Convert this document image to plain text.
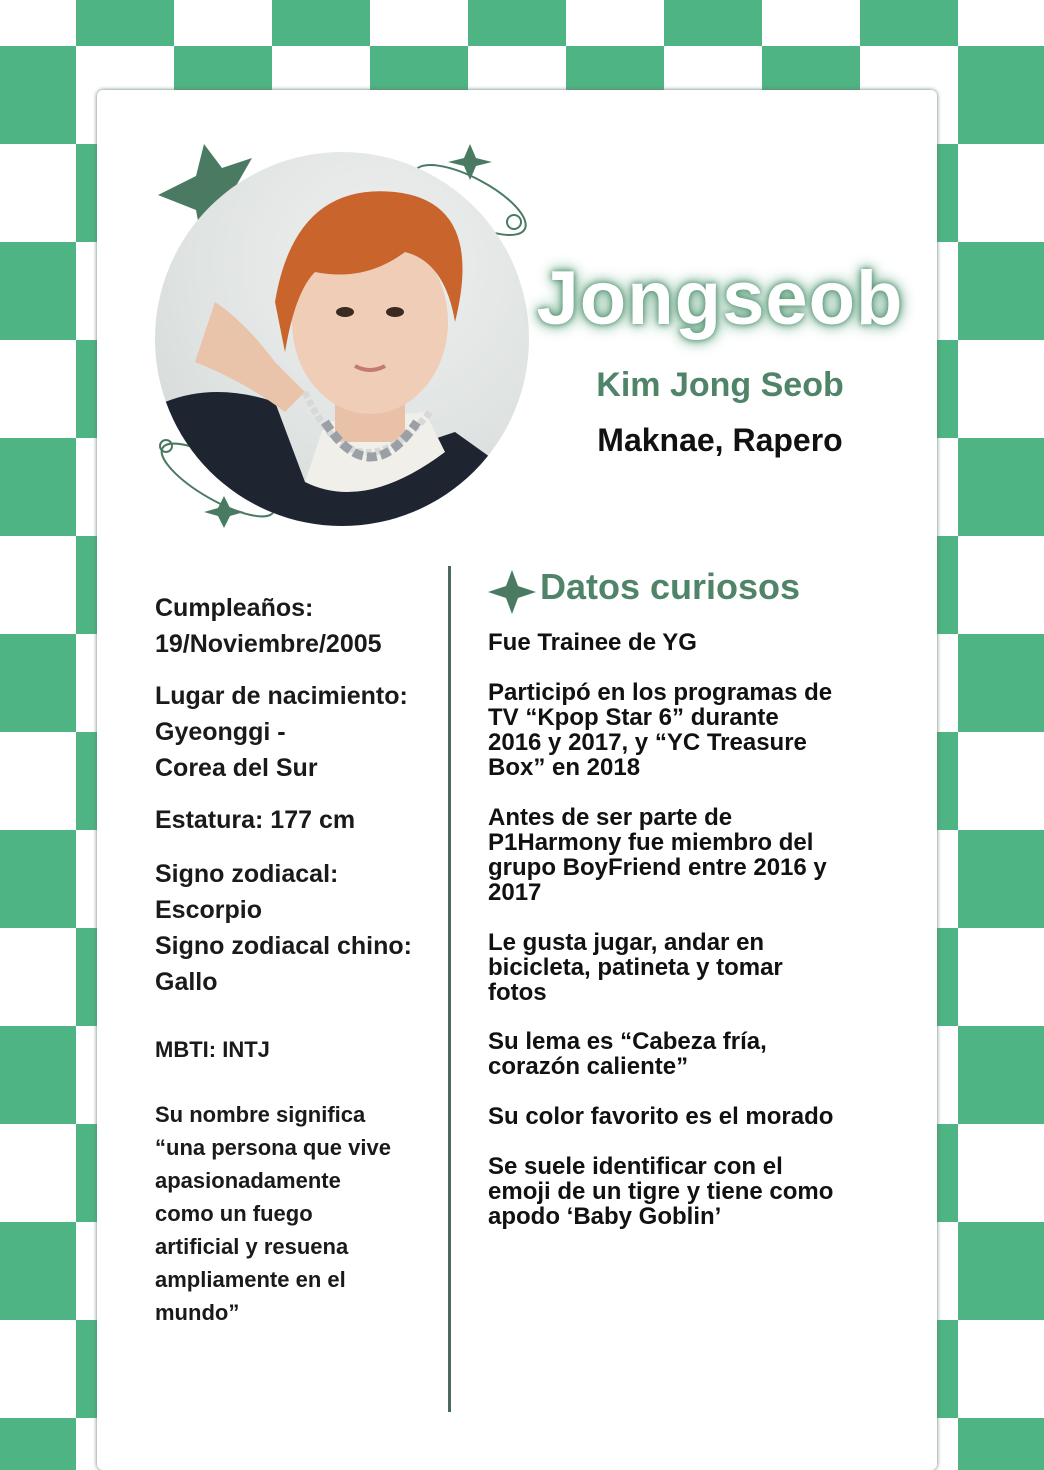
Jongseob
Kim Jong Seob
Maknae, Rapero
Cumpleaños:
19/Noviembre/2005
Lugar de nacimiento:
Gyeonggi -
Corea del Sur
Estatura: 177 cm
Signo zodiacal:
Escorpio
Signo zodiacal chino:
Gallo
MBTI: INTJ
Su nombre significa
“una persona que vive
apasionadamente
como un fuego
artificial y resuena
ampliamente en el
mundo”
Datos curiosos
Fue Trainee de YG
Participó en los programas de
TV “Kpop Star 6” durante
2016 y 2017, y “YC Treasure
Box” en 2018
Antes de ser parte de
P1Harmony fue miembro del
grupo BoyFriend entre 2016 y
2017
Le gusta jugar, andar en
bicicleta, patineta y tomar
fotos
Su lema es “Cabeza fría,
corazón caliente”
Su color favorito es el morado
Se suele identificar con el
emoji de un tigre y tiene como
apodo ‘Baby Goblin’
